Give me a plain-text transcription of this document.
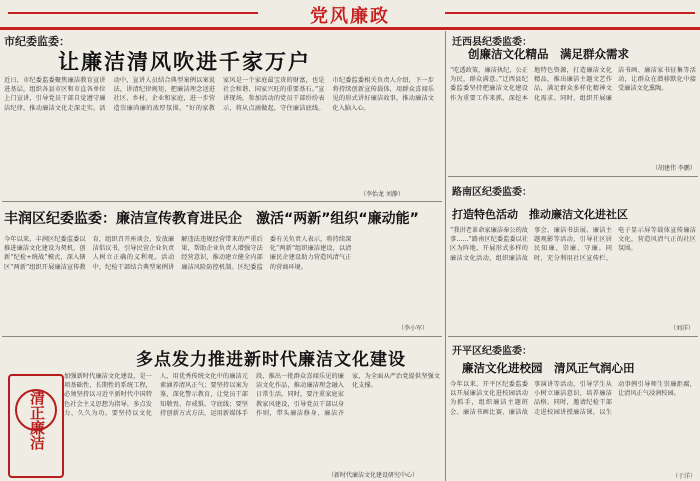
党风廉政
市纪委监委：
让廉洁清风吹进千家万户
近日，市纪委监委聚焦廉洁教育宣讲进基层，组织各县市区和市直各单位上门宣讲，引导党员干部自觉遵守廉洁纪律，推动廉洁文化走深走实。活动中，宣讲人员结合典型案例以案说法，讲清纪律规矩，把廉洁理念送进社区、乡村、企业和家庭，进一步营造崇廉尚廉的浓厚氛围。“好的家教家风是一个家庭最宝贵的财富，也是社会和谐、国家兴旺的重要基石。”宣讲现场，参加活动的党员干部纷纷表示，将从点滴做起，守住廉洁底线。市纪委监委相关负责人介绍，下一步将持续创新宣传载体，用群众喜闻乐见的形式讲好廉洁故事，推动廉洁文化入脑入心。
（李怡龙 刘静）
丰润区纪委监委：廉洁宣传教育进民企　激活“两新”组织“廉动能”
今年以来，丰润区纪委监委以推进廉洁文化建设为契机，创新“纪检+统战”模式，深入辖区“两新”组织开展廉洁宣传教育，组织召开座谈会，发放廉洁倡议书，引导民营企业负责人树立正确的义利观。活动中，纪检干部结合典型案例讲解违法违规经营带来的严重后果，帮助企业负责人增强守法经营意识，推动建立健全内部廉洁风险防控机制。区纪委监委有关负责人表示，将持续深化“两新”组织廉洁建设，以清廉民企建设助力营造风清气正的营商环境。
（李小军）
清正廉洁
多点发力推进新时代廉洁文化建设
加强新时代廉洁文化建设，是一项基础性、长期性的系统工程，必须坚持以习近平新时代中国特色社会主义思想为指导，多点发力、久久为功。要坚持以文化人，用优秀传统文化中的廉洁元素涵养清风正气；要坚持以案为鉴，深化警示教育，让党员干部知敬畏、存戒惧、守底线；要坚持创新方式方法，运用新媒体手段，推出一批群众喜闻乐见的廉洁文化作品，推动廉洁理念融入日常生活。同时，要注重家庭家教家风建设，引导党员干部以身作则，带头廉洁修身、廉洁齐家，为全面从严治党提供坚强文化支撑。
（新时代廉洁文化建设研究中心）
迁西县纪委监委：
创廉洁文化精品　满足群众需求
“吃透政策，廉洁执纪，公正为民，群众满意。”迁西县纪委监委坚持把廉洁文化建设作为重要工作来抓，深挖本地特色资源，打造廉洁文化精品，推出廉洁主题文艺作品，满足群众多样化精神文化需求。同时，组织开展廉洁书画、廉洁家书征集等活动，让群众在潜移默化中接受廉洁文化熏陶。
（胡建伟 李鹏）
路南区纪委监委：
打造特色活动　推动廉洁文化进社区
“我讲老革命家廉洁奉公的故事……”路南区纪委监委以社区为阵地，开展形式多样的廉洁文化活动，组织廉洁故事会、廉洁书法展、廉洁主题观影等活动，引导社区居民知廉、崇廉、守廉。同时，充分利用社区宣传栏、电子显示屏等载体宣传廉洁文化，营造风清气正的社区氛围。
（刘洋）
开平区纪委监委：
廉洁文化进校园　清风正气润心田
今年以来，开平区纪委监委以开展廉洁文化进校园活动为抓手，组织廉洁主题班会、廉洁书画比赛、廉洁故事演讲等活动，引导学生从小树立廉洁意识，培养廉洁品格。同时，邀请纪检干部走进校园讲授廉洁课，以生动事例引导师生崇廉拒腐，让清风正气浸润校园。
（于洋）
